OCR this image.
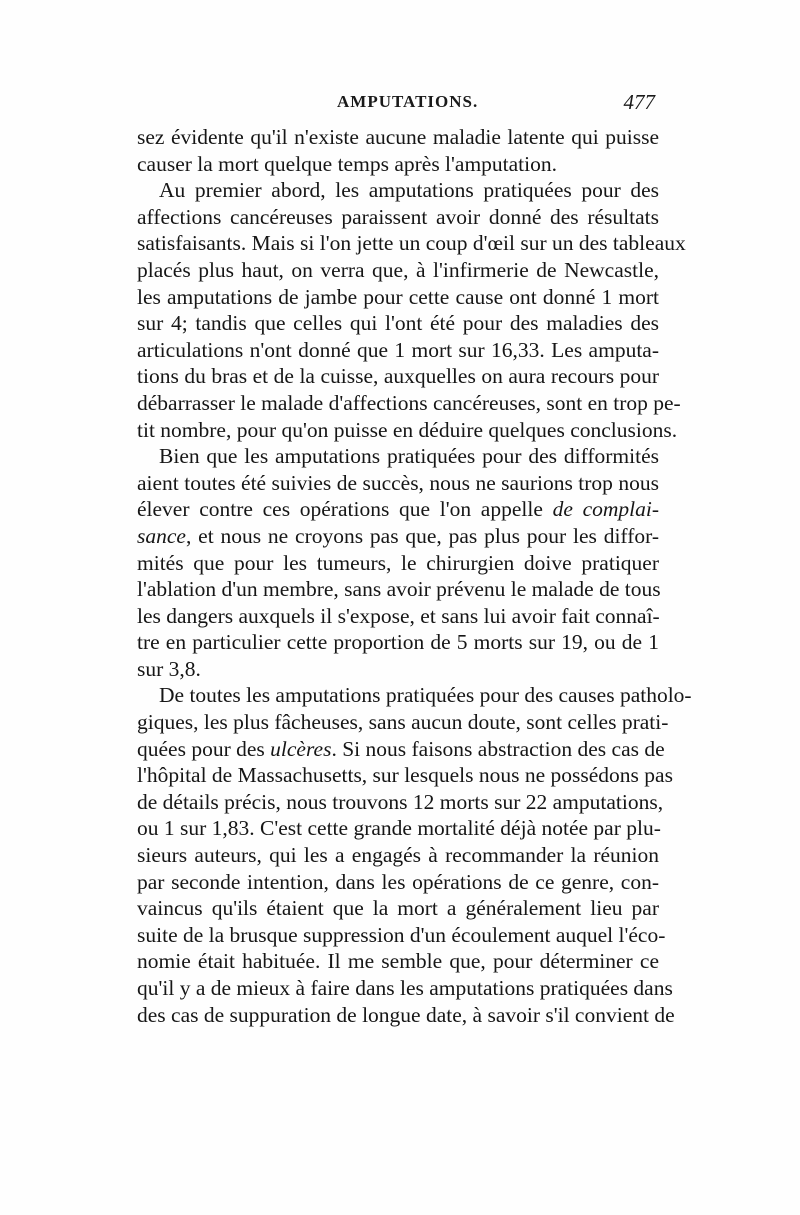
AMPUTATIONS.	477
sez évidente qu'il n'existe aucune maladie latente qui puisse
causer la mort quelque temps après l'amputation.
Au premier abord, les amputations pratiquées pour des
affections cancéreuses paraissent avoir donné des résultats
satisfaisants. Mais si l'on jette un coup d'œil sur un des tableaux
placés plus haut, on verra que, à l'infirmerie de Newcastle,
les amputations de jambe pour cette cause ont donné 1 mort
sur 4; tandis que celles qui l'ont été pour des maladies des
articulations n'ont donné que 1 mort sur 16,33. Les amputa-
tions du bras et de la cuisse, auxquelles on aura recours pour
débarrasser le malade d'affections cancéreuses, sont en trop pe-
tit nombre, pour qu'on puisse en déduire quelques conclusions.
Bien que les amputations pratiquées pour des difformités
aient toutes été suivies de succès, nous ne saurions trop nous
élever contre ces opérations que l'on appelle de complai-
sance, et nous ne croyons pas que, pas plus pour les diffor-
mités que pour les tumeurs, le chirurgien doive pratiquer
l'ablation d'un membre, sans avoir prévenu le malade de tous
les dangers auxquels il s'expose, et sans lui avoir fait connaî-
tre en particulier cette proportion de 5 morts sur 19, ou de 1
sur 3,8.
De toutes les amputations pratiquées pour des causes patholo-
giques, les plus fâcheuses, sans aucun doute, sont celles prati-
quées pour des ulcères. Si nous faisons abstraction des cas de
l'hôpital de Massachusetts, sur lesquels nous ne possédons pas
de détails précis, nous trouvons 12 morts sur 22 amputations,
ou 1 sur 1,83. C'est cette grande mortalité déjà notée par plu-
sieurs auteurs, qui les a engagés à recommander la réunion
par seconde intention, dans les opérations de ce genre, con-
vaincus qu'ils étaient que la mort a généralement lieu par
suite de la brusque suppression d'un écoulement auquel l'éco-
nomie était habituée. Il me semble que, pour déterminer ce
qu'il y a de mieux à faire dans les amputations pratiquées dans
des cas de suppuration de longue date, à savoir s'il convient de
